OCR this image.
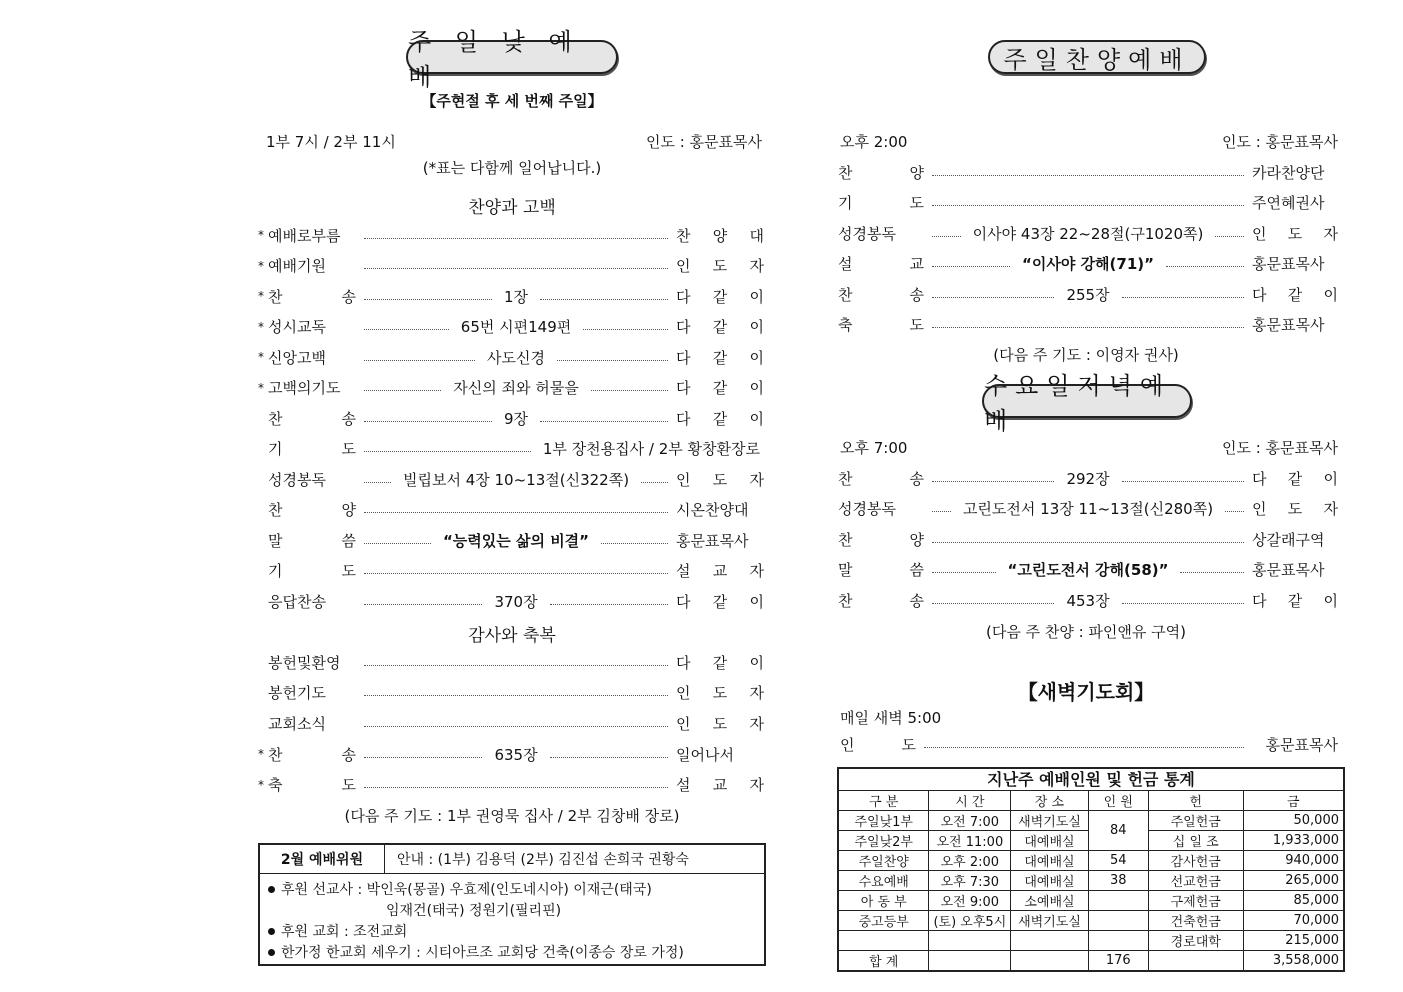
주 일 낮 예 배
【주현절 후 세 번째 주일】
1부 7시 / 2부 11시	인도 : 홍문표목사
(*표는 다함께 일어납니다.)
찬양과 고백
* 예배로부름	찬 양 대
* 예배기원	인 도 자
* 찬 송	1장	다 같 이
* 성시교독	65번 시편149편	다 같 이
* 신앙고백	사도신경	다 같 이
* 고백의기도	자신의 죄와 허물을	다 같 이
찬 송	9장	다 같 이
기 도	1부 장천용집사 / 2부 황창환장로
성경봉독	빌립보서 4장 10~13절(신322쪽)	인 도 자
찬 양	시온찬양대
말 씀	“능력있는 삶의 비결”	홍문표목사
기 도	설 교 자
응답찬송	370장	다 같 이
감사와 축복
봉헌및환영	다 같 이
봉헌기도	인 도 자
교회소식	인 도 자
* 찬 송	635장	일어나서
* 축 도	설 교 자
(다음 주 기도 : 1부 권영묵 집사 / 2부 김창배 장로)
2월 예배위원	안내 : (1부) 김용덕 (2부) 김진섭 손희국 권황숙
후원 선교사 : 박인욱(몽골) 우효제(인도네시아) 이재근(태국)
임재건(태국) 정원기(필리핀)
후원 교회 : 조전교회
한가정 한교회 세우기 : 시티아르조 교회당 건축(이종승 장로 가정)
주일찬양예배
오후 2:00	인도 : 홍문표목사
찬 양	카라찬양단
기 도	주연혜권사
성경봉독	이사야 43장 22~28절(구1020쪽)	인 도 자
설 교	“이사야 강해(71)”	홍문표목사
찬 송	255장	다 같 이
축 도	홍문표목사
(다음 주 기도 : 이영자 권사)
수요일저녁예배
오후 7:00	인도 : 홍문표목사
찬 송	292장	다 같 이
성경봉독	고린도전서 13장 11~13절(신280쪽)	인 도 자
찬 양	상갈래구역
말 씀	“고린도전서 강해(58)”	홍문표목사
찬 송	453장	다 같 이
(다음 주 찬양 : 파인앤유 구역)
【새벽기도회】
매일 새벽 5:00
인 도	홍문표목사
지난주 예배인원 및 헌금 통계
구 분	시 간	장 소	인 원	헌	금
주일낮1부	오전 7:00	새벽기도실	84	주일헌금	50,000
주일낮2부	오전 11:00	대예배실		십 일 조	1,933,000
주일찬양	오후 2:00	대예배실	54	감사헌금	940,000
수요예배	오후 7:30	대예배실	38	선교헌금	265,000
아 동 부	오전 9:00	소예배실		구제헌금	85,000
중고등부	(토) 오후5시	새벽기도실		건축헌금	70,000
				경로대학	215,000
합 계			176		3,558,000
